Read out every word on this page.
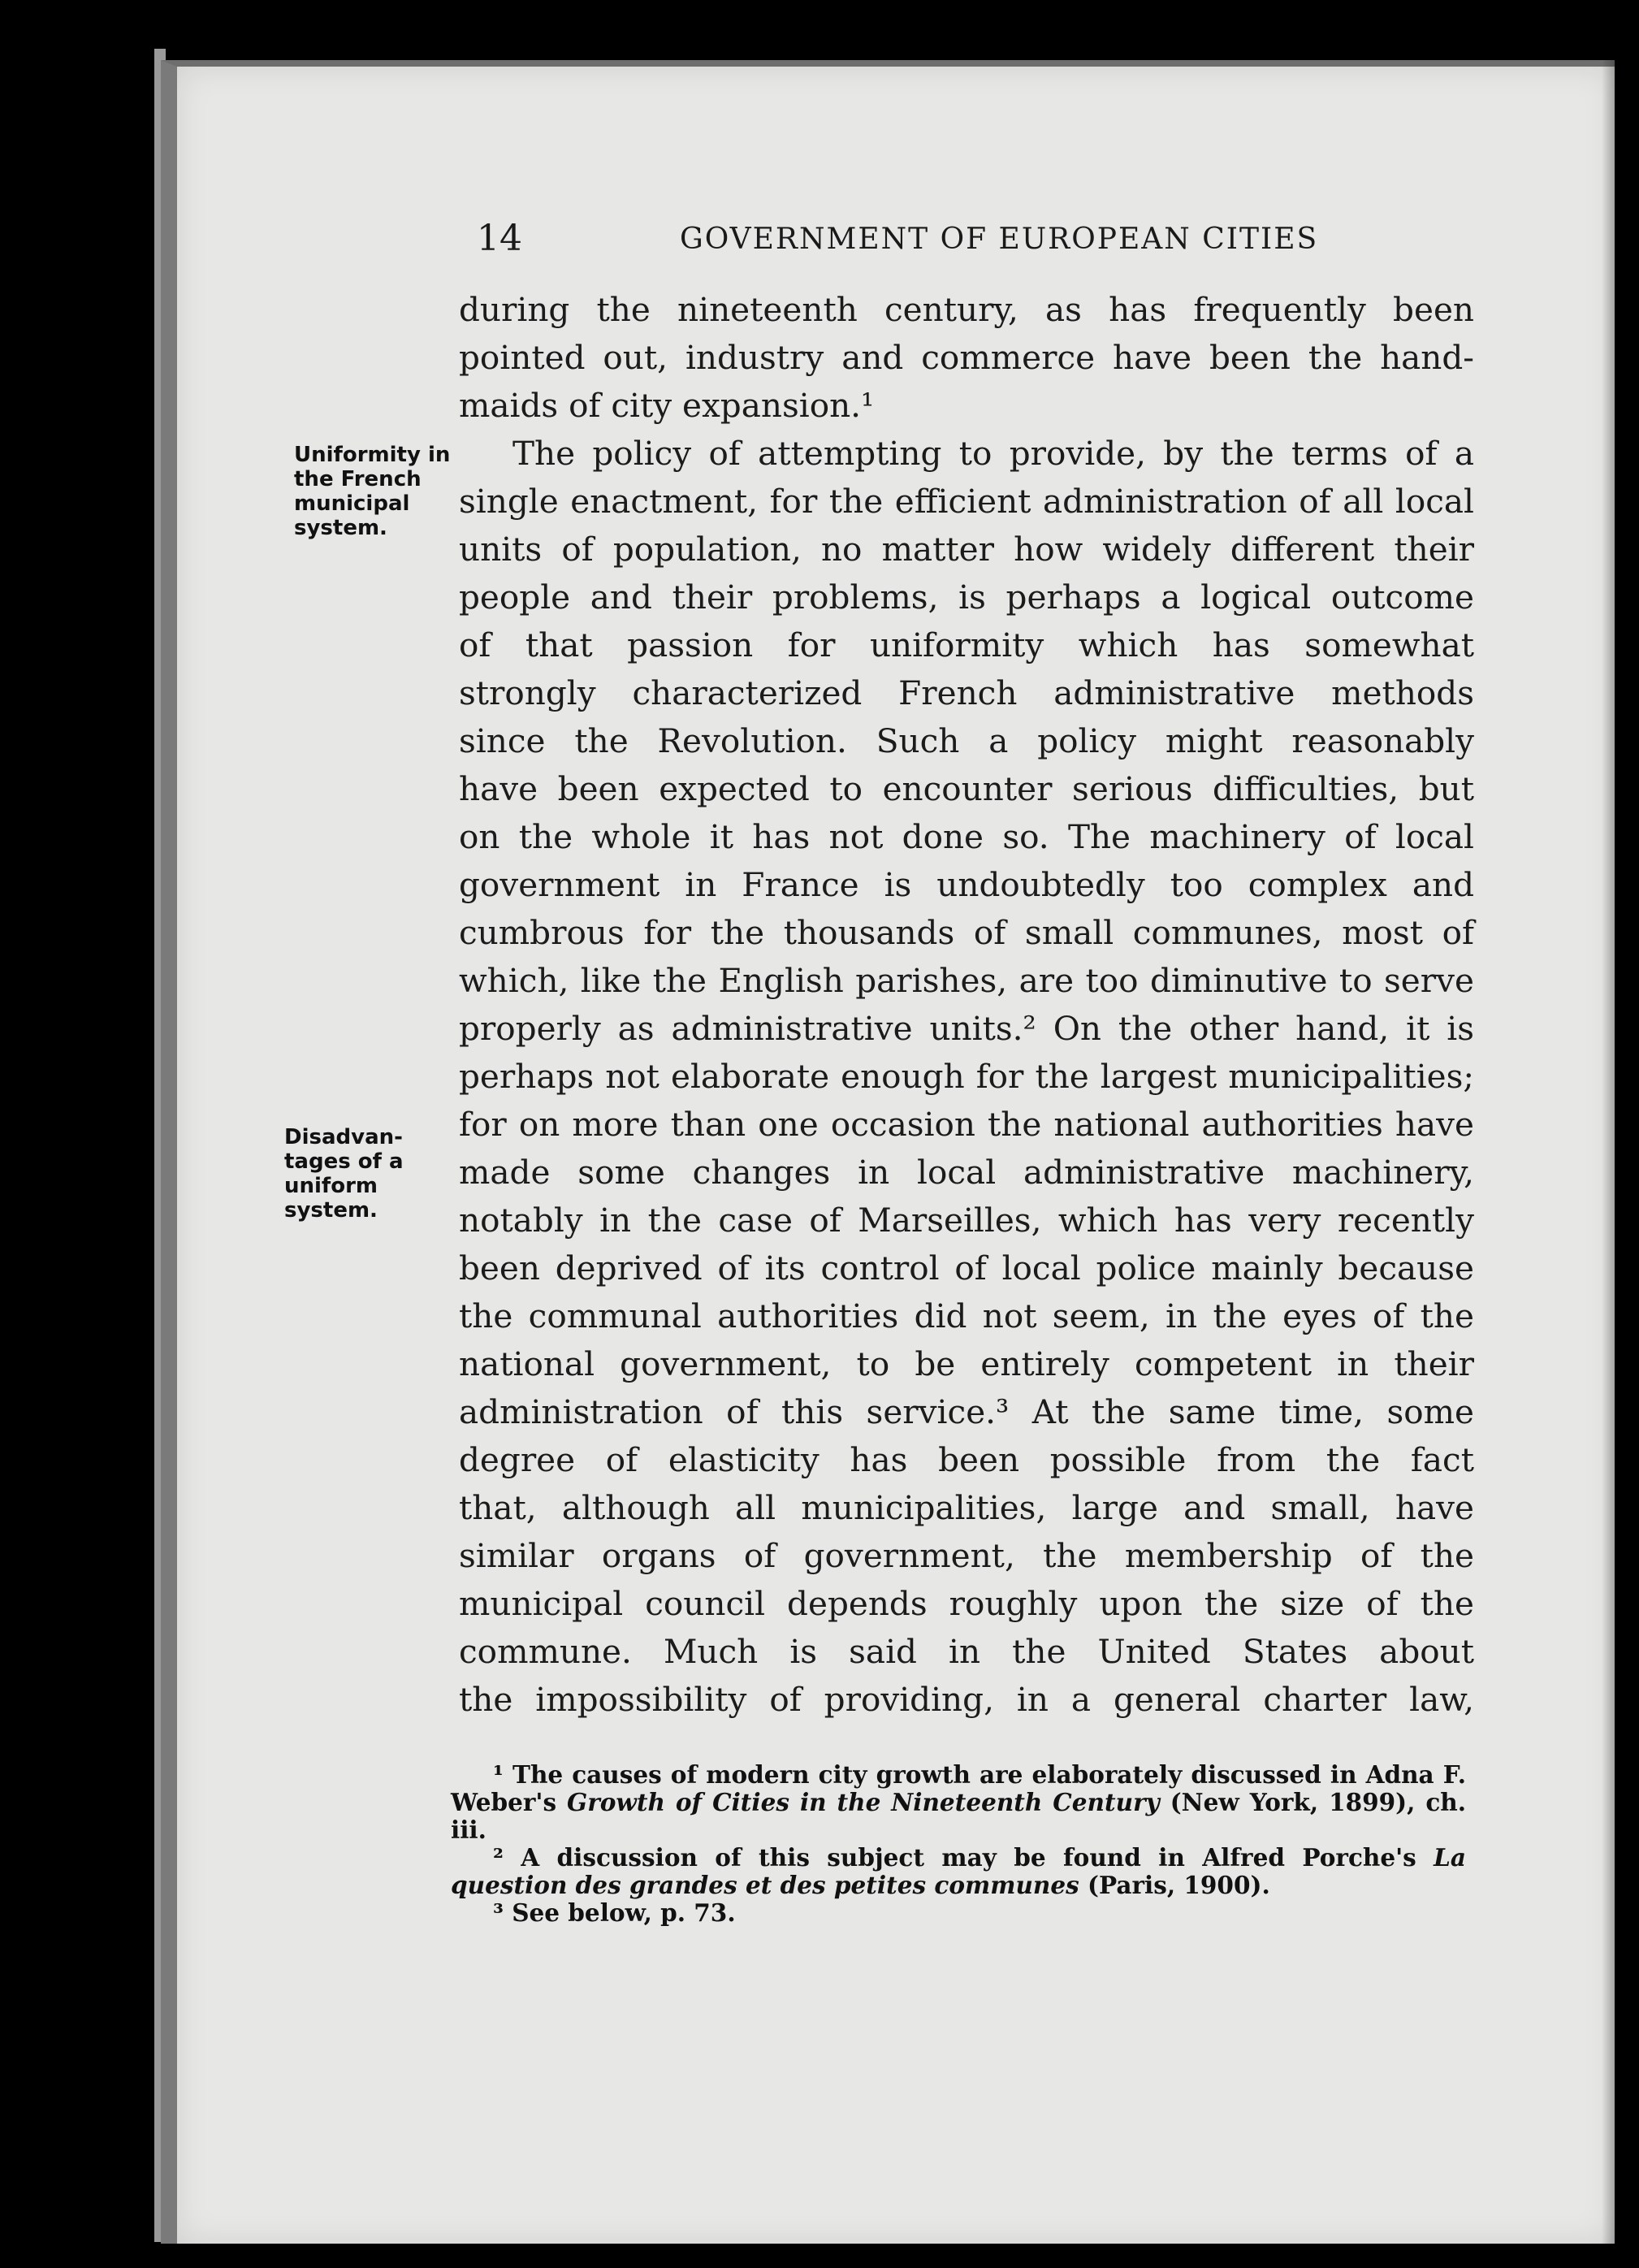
14	GOVERNMENT OF EUROPEAN CITIES
Uniformity in the French municipal system.
Disadvan-tages of a uniform system.

during the nineteenth century, as has frequently been

pointed out, industry and commerce have been the hand-

maids of city expansion.¹

The policy of attempting to provide, by the terms of a

single enactment, for the efficient administration of all local

units of population, no matter how widely different their

people and their problems, is perhaps a logical outcome

of that passion for uniformity which has somewhat

strongly characterized French administrative methods

since the Revolution. Such a policy might reasonably

have been expected to encounter serious difficulties, but

on the whole it has not done so. The machinery of local

government in France is undoubtedly too complex and

cumbrous for the thousands of small communes, most of

which, like the English parishes, are too diminutive to serve

properly as administrative units.² On the other hand, it is

perhaps not elaborate enough for the largest municipalities;

for on more than one occasion the national authorities have

made some changes in local administrative machinery,

notably in the case of Marseilles, which has very recently

been deprived of its control of local police mainly because

the communal authorities did not seem, in the eyes of the

national government, to be entirely competent in their

administration of this service.³ At the same time, some

degree of elasticity has been possible from the fact

that, although all municipalities, large and small, have

similar organs of government, the membership of the

municipal council depends roughly upon the size of the

commune. Much is said in the United States about

the impossibility of providing, in a general charter law,

¹ The causes of modern city growth are elaborately discussed in Adna F. Weber's Growth of Cities in the Nineteenth Century (New York, 1899), ch. iii.

² A discussion of this subject may be found in Alfred Porche's La question des grandes et des petites communes (Paris, 1900).

³ See below, p. 73.
